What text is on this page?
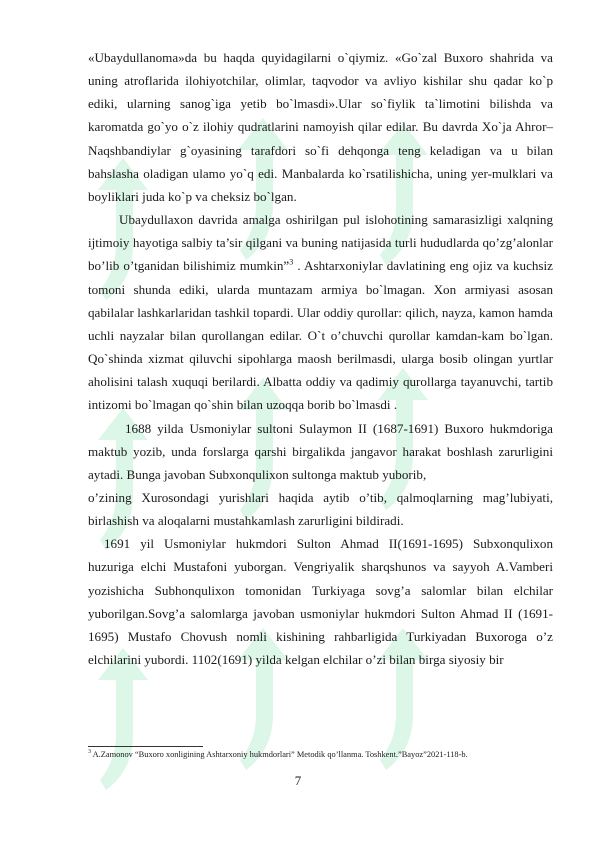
«Ubaydullanoma»da bu haqda quyidagilarni o`qiymiz. «Go`zal Buxoro shahrida va uning atroflarida ilohiyotchilar, olimlar, taqvodor va avliyo kishilar shu qadar ko`p ediki, ularning sanog`iga yetib bo`lmasdi».Ular so`fiylik ta`limotini bilishda va karomatda go`yo o`z ilohiy qudratlarini namoyish qilar edilar. Bu davrda Xo`ja Ahror–Naqshbandiylar g`oyasining tarafdori so`fi dehqonga teng keladigan va u bilan bahslasha oladigan ulamo yo`q edi. Manbalarda ko`rsatilishicha, uning yer-mulklari va boyliklari juda ko`p va cheksiz bo`lgan.

Ubaydullaxon davrida amalga oshirilgan pul islohotining samarasizligi xalqning ijtimoiy hayotiga salbiy ta’sir qilgani va buning natijasida turli hududlarda qo’zg’alonlar bo’lib o’tganidan bilishimiz mumkin”$^3$ . Ashtarxoniylar davlatining eng ojiz va kuchsiz tomoni shunda ediki, ularda muntazam armiya bo`lmagan. Xon armiyasi asosan qabilalar lashkarlaridan tashkil topardi. Ular oddiy qurollar: qilich, nayza, kamon hamda uchli nayzalar bilan qurollangan edilar. O`t o’chuvchi qurollar kamdan-kam bo`lgan. Qo`shinda xizmat qiluvchi sipohlarga maosh berilmasdi, ularga bosib olingan yurtlar aholisini talash xuquqi berilardi. Albatta oddiy va qadimiy qurollarga tayanuvchi, tartib intizomi bo`lmagan qo`shin bilan uzoqqa borib bo`lmasdi .

1688 yilda Usmoniylar sultoni Sulaymon II (1687-1691) Buxoro hukmdoriga maktub yozib, unda forslarga qarshi birgalikda jangavor harakat boshlash zarurligini aytadi. Bunga javoban Subxonqulixon sultonga maktub yuborib,

o’zining Xurosondagi yurishlari haqida aytib o’tib, qalmoqlarning mag’lubiyati, birlashish va aloqalarni mustahkamlash zarurligini bildiradi.

1691 yil Usmoniylar hukmdori Sulton Ahmad II(1691-1695) Subxonqulixon huzuriga elchi Mustafoni yuborgan. Vengriyalik sharqshunos va sayyoh A.Vamberi yozishicha Subhonqulixon tomonidan Turkiyaga sovg’a salomlar bilan elchilar yuborilgan.Sovg’a salomlarga javoban usmoniylar hukmdori Sulton Ahmad II (1691-1695) Mustafo Chovush nomli kishining rahbarligida Turkiyadan Buxoroga o’z elchilarini yubordi. 1102(1691) yilda kelgan elchilar o’zi bilan birga siyosiy bir

$^3$ A.Zamonov “Buxoro xonligining Ashtarxoniy hukmdorlari” Metodik qo’llanma. Toshkent.”Bayoz”2021-118-b.
7
